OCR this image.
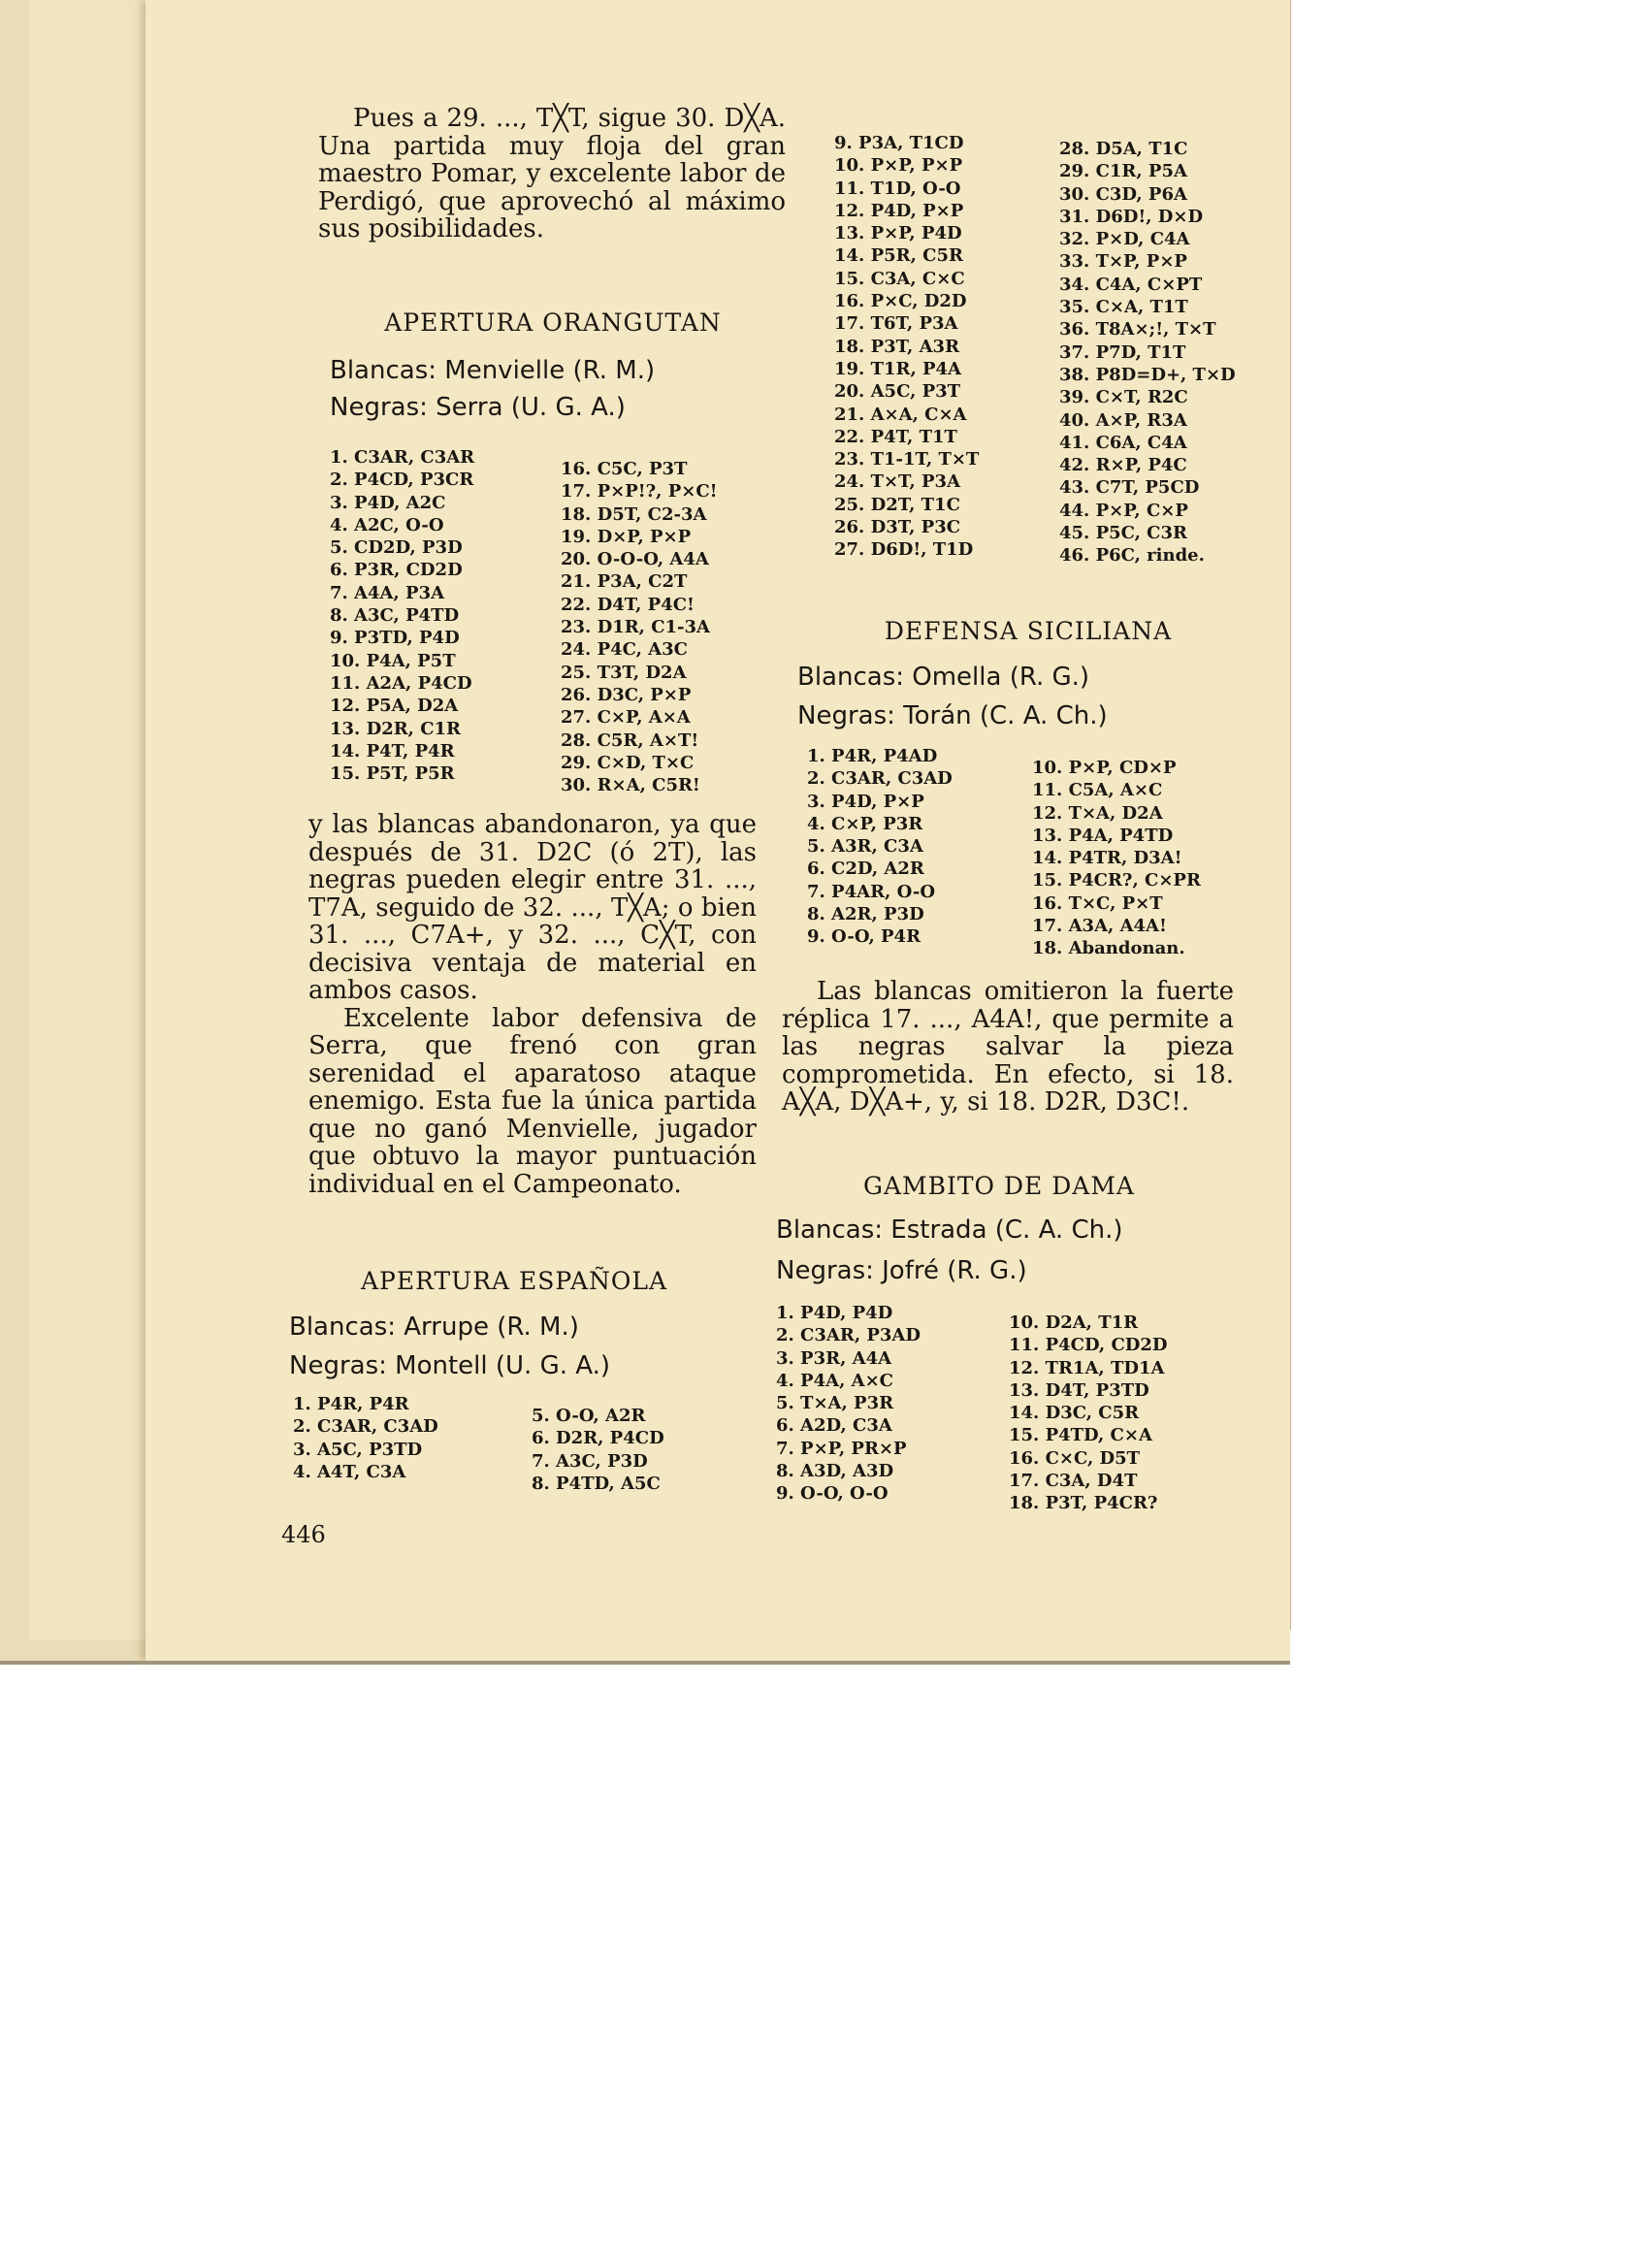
Pues a 29. ..., T╳T, sigue 30. D╳A. Una partida muy floja del gran maestro Pomar, y excelente labor de Perdigó, que aprovechó al máximo sus posibilidades.

APERTURA ORANGUTAN
Blancas: Menvielle (R. M.)
Negras: Serra (U. G. A.)
1. C3AR, C3AR
2. P4CD, P3CR
3. P4D, A2C
4. A2C, O-O
5. CD2D, P3D
6. P3R, CD2D
7. A4A, P3A
8. A3C, P4TD
9. P3TD, P4D
10. P4A, P5T
11. A2A, P4CD
12. P5A, D2A
13. D2R, C1R
14. P4T, P4R
15. P5T, P5R
16. C5C, P3T
17. P×P!?, P×C!
18. D5T, C2-3A
19. D×P, P×P
20. O-O-O, A4A
21. P3A, C2T
22. D4T, P4C!
23. D1R, C1-3A
24. P4C, A3C
25. T3T, D2A
26. D3C, P×P
27. C×P, A×A
28. C5R, A×T!
29. C×D, T×C
30. R×A, C5R!

y las blancas abandonaron, ya que después de 31. D2C (ó 2T), las negras pueden elegir entre 31. ..., T7A, seguido de 32. ..., T╳A; o bien 31. ..., C7A+, y 32. ..., C╳T, con decisiva ventaja de material en ambos casos.

Excelente labor defensiva de Serra, que frenó con gran serenidad el aparatoso ataque enemigo. Esta fue la única partida que no ganó Menvielle, jugador que obtuvo la mayor puntuación individual en el Campeonato.

APERTURA ESPAÑOLA
Blancas: Arrupe (R. M.)
Negras: Montell (U. G. A.)
1. P4R, P4R
2. C3AR, C3AD
3. A5C, P3TD
4. A4T, C3A
5. O-O, A2R
6. D2R, P4CD
7. A3C, P3D
8. P4TD, A5C
446
9. P3A, T1CD
10. P×P, P×P
11. T1D, O-O
12. P4D, P×P
13. P×P, P4D
14. P5R, C5R
15. C3A, C×C
16. P×C, D2D
17. T6T, P3A
18. P3T, A3R
19. T1R, P4A
20. A5C, P3T
21. A×A, C×A
22. P4T, T1T
23. T1-1T, T×T
24. T×T, P3A
25. D2T, T1C
26. D3T, P3C
27. D6D!, T1D
28. D5A, T1C
29. C1R, P5A
30. C3D, P6A
31. D6D!, D×D
32. P×D, C4A
33. T×P, P×P
34. C4A, C×PT
35. C×A, T1T
36. T8A×;!, T×T
37. P7D, T1T
38. P8D=D+, T×D
39. C×T, R2C
40. A×P, R3A
41. C6A, C4A
42. R×P, P4C
43. C7T, P5CD
44. P×P, C×P
45. P5C, C3R
46. P6C, rinde.
DEFENSA SICILIANA
Blancas: Omella (R. G.)
Negras: Torán (C. A. Ch.)
1. P4R, P4AD
2. C3AR, C3AD
3. P4D, P×P
4. C×P, P3R
5. A3R, C3A
6. C2D, A2R
7. P4AR, O-O
8. A2R, P3D
9. O-O, P4R
10. P×P, CD×P
11. C5A, A×C
12. T×A, D2A
13. P4A, P4TD
14. P4TR, D3A!
15. P4CR?, C×PR
16. T×C, P×T
17. A3A, A4A!
18. Abandonan.

Las blancas omitieron la fuerte réplica 17. ..., A4A!, que permite a las negras salvar la pieza comprometida. En efecto, si 18. A╳A, D╳A+, y, si 18. D2R, D3C!.

GAMBITO DE DAMA
Blancas: Estrada (C. A. Ch.)
Negras: Jofré (R. G.)
1. P4D, P4D
2. C3AR, P3AD
3. P3R, A4A
4. P4A, A×C
5. T×A, P3R
6. A2D, C3A
7. P×P, PR×P
8. A3D, A3D
9. O-O, O-O
10. D2A, T1R
11. P4CD, CD2D
12. TR1A, TD1A
13. D4T, P3TD
14. D3C, C5R
15. P4TD, C×A
16. C×C, D5T
17. C3A, D4T
18. P3T, P4CR?
